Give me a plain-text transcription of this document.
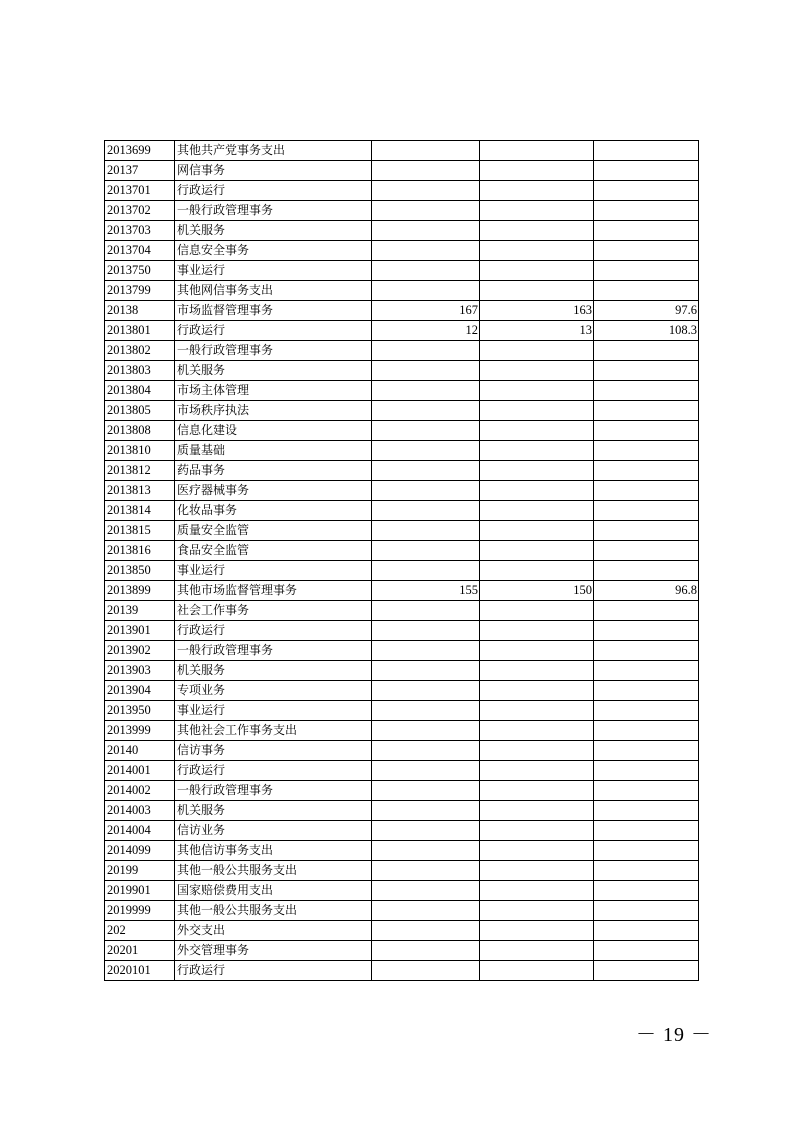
2013699	其他共产党事务支出			
20137	网信事务			
2013701	行政运行			
2013702	一般行政管理事务			
2013703	机关服务			
2013704	信息安全事务			
2013750	事业运行			
2013799	其他网信事务支出			
20138	市场监督管理事务	167	163	97.6
2013801	行政运行	12	13	108.3
2013802	一般行政管理事务			
2013803	机关服务			
2013804	市场主体管理			
2013805	市场秩序执法			
2013808	信息化建设			
2013810	质量基础			
2013812	药品事务			
2013813	医疗器械事务			
2013814	化妆品事务			
2013815	质量安全监管			
2013816	食品安全监管			
2013850	事业运行			
2013899	其他市场监督管理事务	155	150	96.8
20139	社会工作事务			
2013901	行政运行			
2013902	一般行政管理事务			
2013903	机关服务			
2013904	专项业务			
2013950	事业运行			
2013999	其他社会工作事务支出			
20140	信访事务			
2014001	行政运行			
2014002	一般行政管理事务			
2014003	机关服务			
2014004	信访业务			
2014099	其他信访事务支出			
20199	其他一般公共服务支出			
2019901	国家赔偿费用支出			
2019999	其他一般公共服务支出			
202	外交支出			
20201	外交管理事务			
2020101	行政运行			
－ 19 －
